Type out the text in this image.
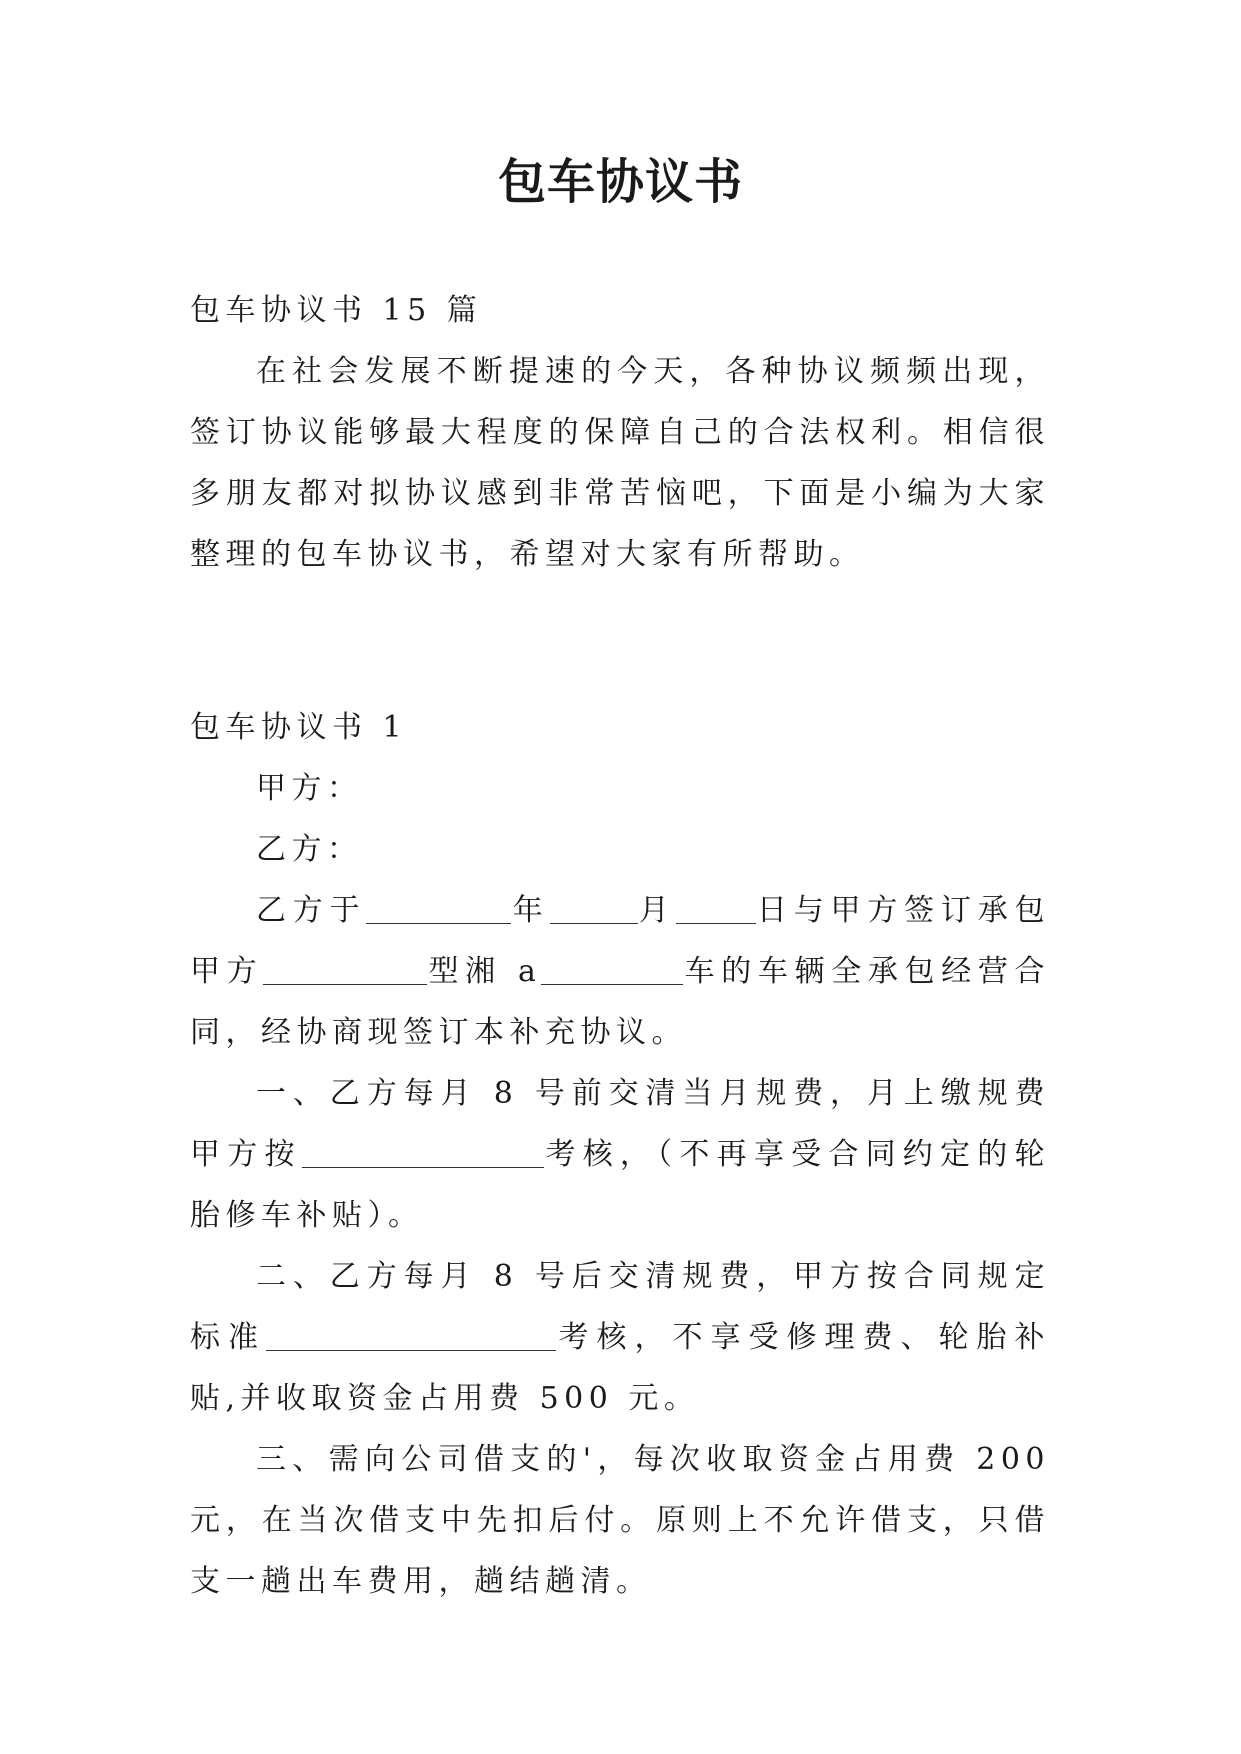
包车协议书

包车协议书 15 篇

在社会发展不断提速的今天，各种协议频频出现，签订协议能够最大程度的保障自己的合法权利。相信很多朋友都对拟协议感到非常苦恼吧，下面是小编为大家整理的包车协议书，希望对大家有所帮助。

包车协议书 1

甲方：

乙方：

乙方于	年	月	日与甲方签订承包甲方	型湘 a	车的车辆全承包经营合同，经协商现签订本补充协议。

一、乙方每月 8 号前交清当月规费，月上缴规费甲方按	考核，（不再享受合同约定的轮胎修车补贴）。

二、乙方每月 8 号后交清规费，甲方按合同规定标准	考核，不享受修理费、轮胎补贴,并收取资金占用费 500 元。

三、需向公司借支的'，每次收取资金占用费 200 元，在当次借支中先扣后付。原则上不允许借支，只借支一趟出车费用，趟结趟清。
